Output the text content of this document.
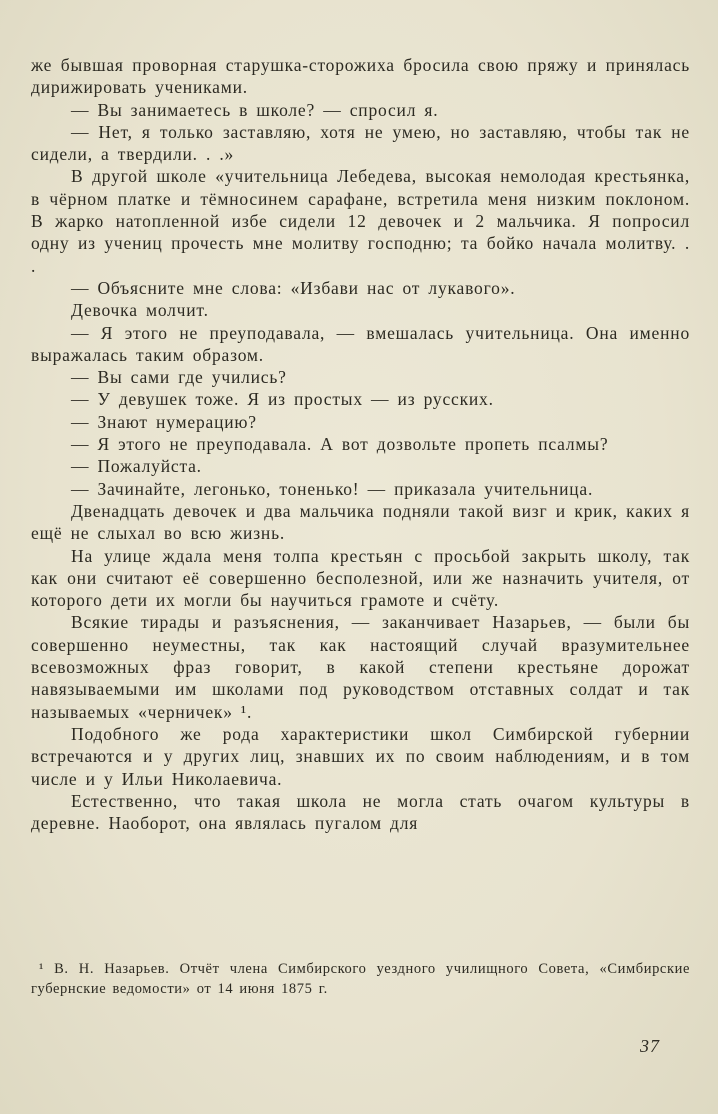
же бывшая проворная старушка-сторожиха бросила свою пряжу и принялась дирижировать учениками.

— Вы занимаетесь в школе? — спросил я.

— Нет, я только заставляю, хотя не умею, но заставляю, чтобы так не сидели, а твердили. . .»

В другой школе «учительница Лебедева, высокая немолодая крестьянка, в чёрном платке и тёмносинем сарафане, встретила меня низким поклоном. В жарко натопленной избе сидели 12 девочек и 2 мальчика. Я попросил одну из учениц прочесть мне молитву господню; та бойко начала молитву. . .

— Объясните мне слова: «Избави нас от лукавого».

Девочка молчит.

— Я этого не преуподавала, — вмешалась учительница. Она именно выражалась таким образом.

— Вы сами где учились?

— У девушек тоже. Я из простых — из русских.

— Знают нумерацию?

— Я этого не преуподавала. А вот дозвольте пропеть псалмы?

— Пожалуйста.

— Зачинайте, легонько, тоненько! — приказала учительница.

Двенадцать девочек и два мальчика подняли такой визг и крик, каких я ещё не слыхал во всю жизнь.

На улице ждала меня толпа крестьян с просьбой закрыть школу, так как они считают её совершенно бесполезной, или же назначить учителя, от которого дети их могли бы научиться грамоте и счёту.

Всякие тирады и разъяснения, — заканчивает Назарьев, — были бы совершенно неуместны, так как настоящий случай вразумительнее всевозможных фраз говорит, в какой степени крестьяне дорожат навязываемыми им школами под руководством отставных солдат и так называемых «черничек» ¹.

Подобного же рода характеристики школ Симбирской губернии встречаются и у других лиц, знавших их по своим наблюдениям, и в том числе и у Ильи Николаевича.

Естественно, что такая школа не могла стать очагом культуры в деревне. Наоборот, она являлась пугалом для

¹ В. Н. Назарьев. Отчёт члена Симбирского уездного училищного Совета, «Симбирские губернские ведомости» от 14 июня 1875 г.

37
